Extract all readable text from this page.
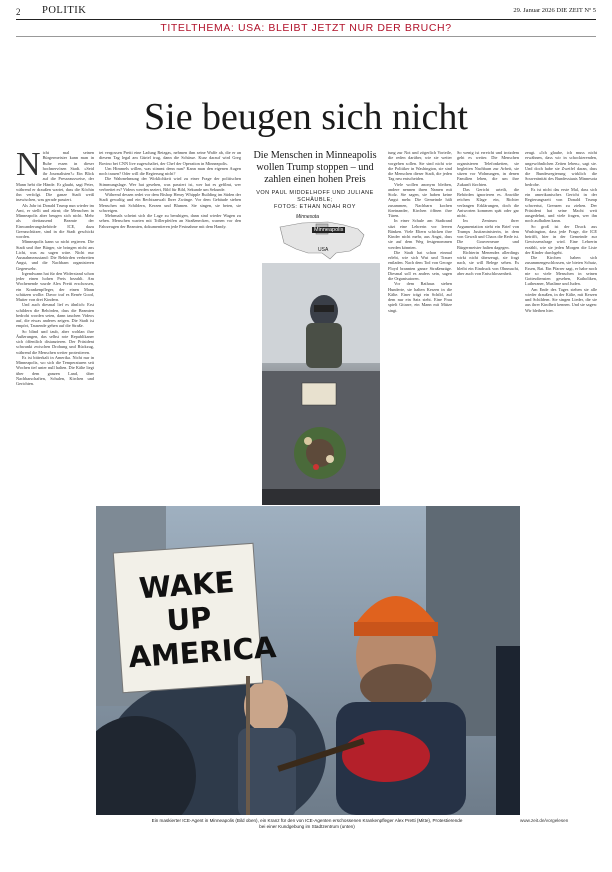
2 POLITIK	29. Januar 2026 DIE ZEIT Nº 5
TITELTHEMA: USA: BLEIBT JETZT NUR DER BRUCH?
Sie beugen sich nicht

Nicht mal seinen Bürgermeister kann man in Ruhe essen in dieser hochnervösen Stadt. »Seid ihr Journalisten?« Ein Blick auf die Presseausweise, der Mann hebt die Hände. Er glaubt, sagt Peter, während er draußen wartet, dass die Köchin ihn verfolgt. Die ganze Stadt weiß inzwischen, was gerade passiert.

Als Jahr ist Donald Trump nun wieder im Amt, er stellt und zürnt; die Menschen in Minneapolis aber beugen sich nicht. Mehr als dreitausend Beamte der Einwanderungsbehörde ICE, dazu Grenzschützer, sind in die Stadt geschickt worden.

Minneapolis kann so nicht regieren. Die Stadt und ihre Bürger, sie bringen nicht ans Licht, was zu sagen wäre. Nicht nur Ausnahmezustand: Die Behörden verbreiten Angst, und die Nachbarn organisieren Gegenwehr.

Irgendwann hat für den Widerstand schon jeder einen hohen Preis bezahlt. Am Wochenende wurde Alex Pretti erschossen, ein Krankenpfleger, der einen Mann schützen wollte. Davor traf es Renée Good, Mutter von drei Kindern.

Und auch diesmal lief es ähnlich: Erst schildern die Behörden, dass die Beamten bedroht worden seien, dann tauchen Videos auf, die etwas anderes zeigen. Die Stadt ist empört, Tausende gehen auf die Straße.

So blind und taub, aber wohlan ihre Äußerungen, das selbst rote Republikaner sich öffentlich distanzieren. Der Präsident schwankt zwischen Drohung und Rückzug, während die Menschen weiter protestieren.

Es ist bitterkalt in Amerika. Nicht nur in Minneapolis, wo sich die Temperaturen seit Wochen tief unter null halten. Die Kälte liegt über dem ganzen Land, über Nachbarschaften, Schulen, Kirchen und Gerichten.

tet vergossen Pretti eine Ladung Reizgas, nehmen ihm seine Waffe ab, die er an diesem Tag legal am Gürtel trug, dann die Schüsse. Kurz darauf wird Greg Bovino bei CNN live zugeschaltet, der Chef der Operation in Minneapolis.

Um Himmels willen, was stimmt denn nun? Kann man den eigenen Augen noch trauen? Oder will die Regierung nicht?

Die Wahrnehmung der Wirklichkeit wird zu einer Frage der politischen Stimmungslage. Wer hat gesehen, was passiert ist, wer hat es gefilmt, wer verbreitet es? Videos werden seziert, Bild für Bild, Sekunde um Sekunde.

Während dessen redet vor dem Bishop Henry Whipple Building im Süden der Stadt gewaltig und ein Rechtsanwalt Ihrer Zwänge. Vor dem Gebäude stehen Menschen mit Schildern, Kerzen und Blumen. Sie singen, sie beten, sie schweigen.

Mehrmals scheint sich die Lage zu beruhigen, dann sind wieder Wagen zu sehen. Menschen warten mit Trillerpfeifen an Straßenecken, warnen vor den Fahrzeugen der Beamten, dokumentieren jede Festnahme mit dem Handy.

Die Menschen in Minneapolis wollen Trump stoppen – und zahlen einen hohen Preis
VON PAUL MIDDELHOFF UND JULIANE SCHÄUBLE;
FOTOS: ETHAN NOAH ROY
Minnesota
Minneapolis
USA

tung zur Not und zögerlich Vorteile, die reden darüber, wie sie weiter vorgehen sollen. Sie sind nicht wie die Politiker in Washington, sie sind die Menschen dieser Stadt, die jeden Tag neu entscheiden.

Viele wollen anonym bleiben, andere nennen ihren Namen mit Stolz. Sie sagen, sie haben keine Angst mehr. Die Gemeinde hält zusammen, Nachbarn kochen füreinander, Kirchen öffnen ihre Türen.

In einer Schule am Stadtrand sitzt eine Lehrerin vor leeren Bänken. Viele Eltern schicken ihre Kinder nicht mehr, aus Angst, dass sie auf dem Weg festgenommen werden könnten.

Die Stadt hat schon einmal erlebt, wie sich Wut und Trauer entladen. Nach dem Tod von George Floyd brannten ganze Straßenzüge. Diesmal soll es anders sein, sagen die Organisatoren.

Vor dem Rathaus stehen Hunderte, sie halten Kerzen in die Kälte. Einer trägt ein Schild, auf dem nur ein Satz steht. Eine Frau spielt Gitarre, ein Mann mit Mütze singt.

So wenig ist erreicht und trotzdem geht es weiter. Die Menschen organisieren Telefonketten, sie begleiten Nachbarn zur Arbeit, sie sitzen vor Wohnungen, in denen Familien leben, die um ihre Zukunft fürchten.

Das Gericht urteilt, die Behörden ignorieren es. Anwälte reichen Klage ein, Richter verlangen Erklärungen, doch die Antworten kommen spät oder gar nicht.

Im Zentrum ihrer Argumentation steht ein Brief von Trumps Justizministerin, in dem von Gewalt und Chaos die Rede ist. Die Gouverneure und Bürgermeister halten dagegen.

Richterin Menendez allerdings wirkt nicht überzeugt, sie fragt nach, sie will Belege sehen. Es bleibt ein Eindruck von Ohnmacht, aber auch von Entschlossenheit.

zeugt. »Ich glaube, ich muss nicht erwähnen, dass wir in schockierenden, ungewöhnlichen Zeiten leben«, sagt sie. Und doch habe sie Zweifel daran, dass die Bundesregierung wirklich die Souveränität des Bundesstaats Minnesota bedrohe.

Es ist nicht das erste Mal, dass sich ein amerikanisches Gericht in der Regierungszeit von Donald Trump schwertut, Grenzen zu ziehen. Der Präsident hat seine Macht weit ausgedehnt, und viele fragen, wer ihn noch aufhalten kann.

So groß ist der Druck aus Washington, dass jede Frage, die ICE betrifft, hier in der Gemeinde zur Gewissensfrage wird. Eine Lehrerin erzählt, wie sie jeden Morgen die Liste der Kinder durchgeht.

Die Kirchen haben sich zusammengeschlossen, sie bieten Schutz, Essen, Rat. Ein Pfarrer sagt, er habe noch nie so viele Menschen in seinen Gottesdiensten gesehen, Katholiken, Lutheraner, Muslime und Juden.

Am Ende des Tages stehen sie alle wieder draußen, in der Kälte, mit Kerzen und Schildern. Sie singen Lieder, die sie aus ihrer Kindheit kennen. Und sie sagen: Wir bleiben hier.

WAKE UP AMERICA
Ein maskierter ICE-Agent in Minneapolis (Bild oben), ein Kranz für den von ICE-Agenten erschossenen Krankenpfleger Alex Pretti (Mitte), Protestierende bei einer Kundgebung im Stadtzentrum (unten)
www.zeit.de/vorgelesen
